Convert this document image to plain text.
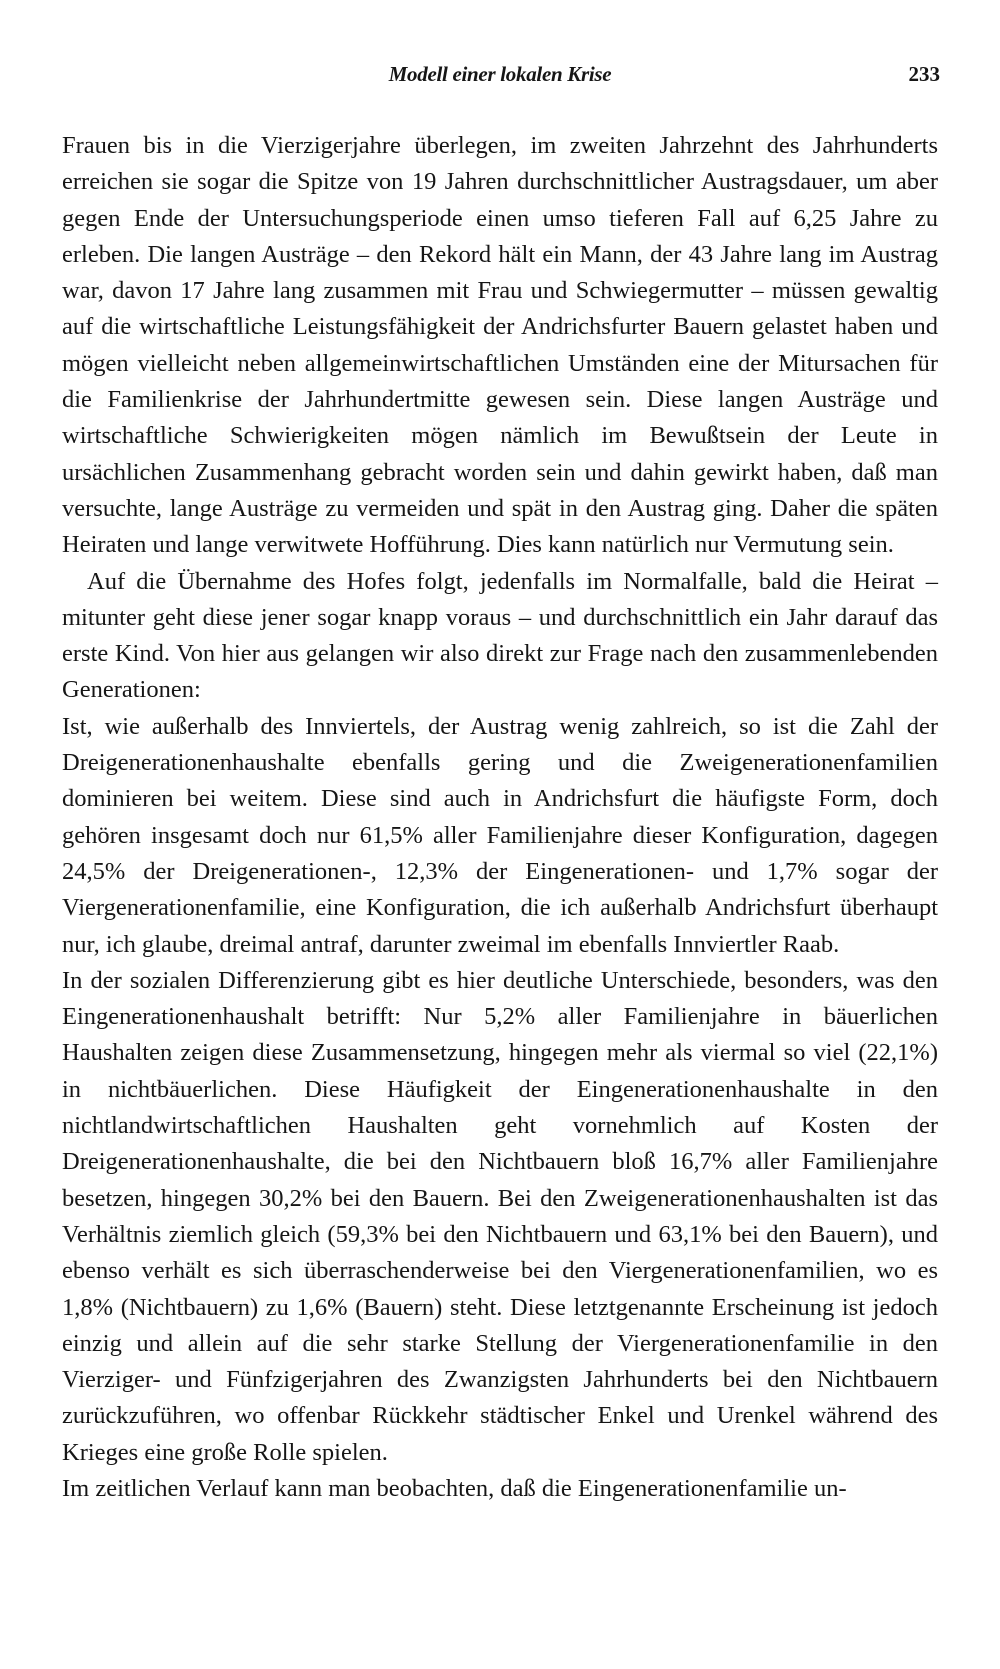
Modell einer lokalen Krise	233

Frauen bis in die Vierzigerjahre überlegen, im zweiten Jahrzehnt des Jahrhunderts erreichen sie sogar die Spitze von 19 Jahren durchschnittlicher Austragsdauer, um aber gegen Ende der Untersuchungsperiode einen umso tieferen Fall auf 6,25 Jahre zu erleben. Die langen Austräge – den Rekord hält ein Mann, der 43 Jahre lang im Austrag war, davon 17 Jahre lang zusammen mit Frau und Schwiegermutter – müssen gewaltig auf die wirtschaftliche Leistungsfähigkeit der Andrichsfurter Bauern gelastet haben und mögen vielleicht neben allgemeinwirtschaftlichen Umständen eine der Mitursachen für die Familienkrise der Jahrhundertmitte gewesen sein. Diese langen Austräge und wirtschaftliche Schwierigkeiten mögen nämlich im Bewußtsein der Leute in ursächlichen Zusammenhang gebracht worden sein und dahin gewirkt haben, daß man versuchte, lange Austräge zu vermeiden und spät in den Austrag ging. Daher die späten Heiraten und lange verwitwete Hofführung. Dies kann natürlich nur Vermutung sein.

Auf die Übernahme des Hofes folgt, jedenfalls im Normalfalle, bald die Heirat – mitunter geht diese jener sogar knapp voraus – und durchschnittlich ein Jahr darauf das erste Kind. Von hier aus gelangen wir also direkt zur Frage nach den zusammenlebenden Generationen:

Ist, wie außerhalb des Innviertels, der Austrag wenig zahlreich, so ist die Zahl der Dreigenerationenhaushalte ebenfalls gering und die Zweigenerationenfamilien dominieren bei weitem. Diese sind auch in Andrichsfurt die häufigste Form, doch gehören insgesamt doch nur 61,5% aller Familienjahre dieser Konfiguration, dagegen 24,5% der Dreigenerationen-, 12,3% der Eingenerationen- und 1,7% sogar der Viergenerationenfamilie, eine Konfiguration, die ich außerhalb Andrichsfurt überhaupt nur, ich glaube, dreimal antraf, darunter zweimal im ebenfalls Innviertler Raab.

In der sozialen Differenzierung gibt es hier deutliche Unterschiede, besonders, was den Eingenerationenhaushalt betrifft: Nur 5,2% aller Familienjahre in bäuerlichen Haushalten zeigen diese Zusammensetzung, hingegen mehr als viermal so viel (22,1%) in nichtbäuerlichen. Diese Häufigkeit der Eingenerationenhaushalte in den nichtlandwirtschaftlichen Haushalten geht vornehmlich auf Kosten der Dreigenerationenhaushalte, die bei den Nichtbauern bloß 16,7% aller Familienjahre besetzen, hingegen 30,2% bei den Bauern. Bei den Zweigenerationenhaushalten ist das Verhältnis ziemlich gleich (59,3% bei den Nichtbauern und 63,1% bei den Bauern), und ebenso verhält es sich überraschenderweise bei den Viergenerationenfamilien, wo es 1,8% (Nichtbauern) zu 1,6% (Bauern) steht. Diese letztgenannte Erscheinung ist jedoch einzig und allein auf die sehr starke Stellung der Viergenerationenfamilie in den Vierziger- und Fünfzigerjahren des Zwanzigsten Jahrhunderts bei den Nichtbauern zurückzuführen, wo offenbar Rückkehr städtischer Enkel und Urenkel während des Krieges eine große Rolle spielen.

Im zeitlichen Verlauf kann man beobachten, daß die Eingenerationenfamilie un-
